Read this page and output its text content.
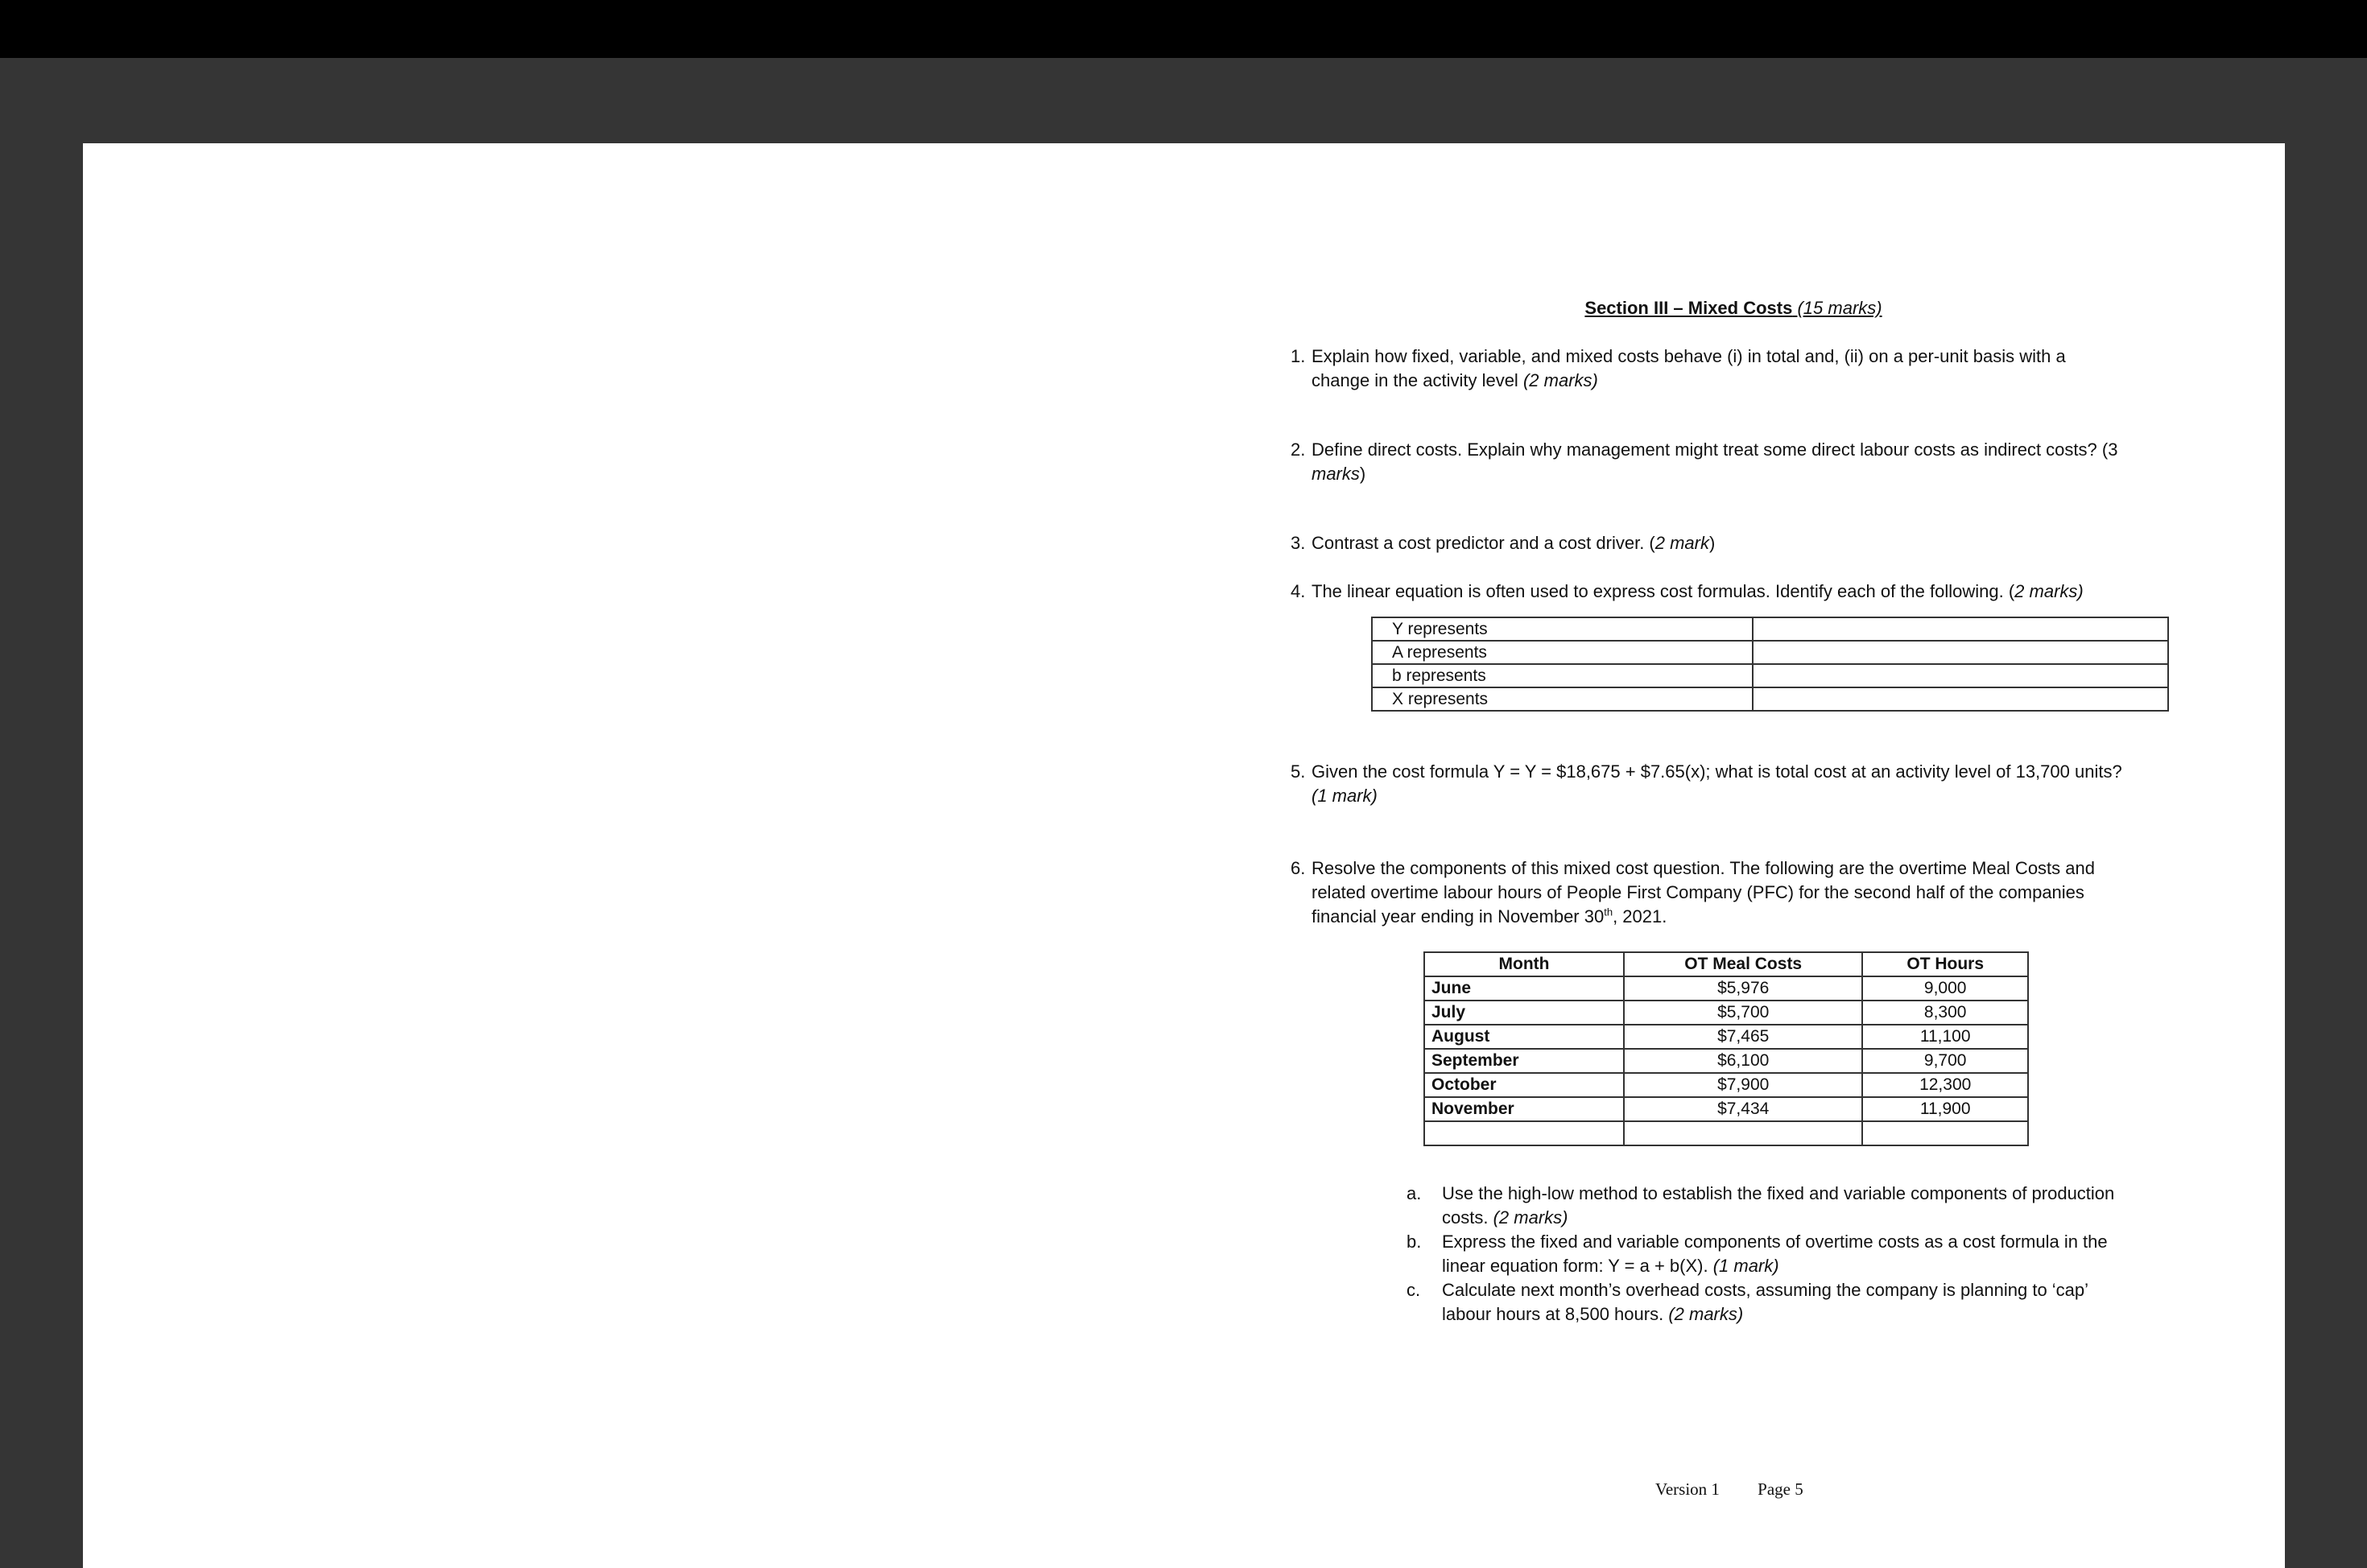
Section III – Mixed Costs (15 marks)
1. Explain how fixed, variable, and mixed costs behave (i) in total and, (ii) on a per-unit basis with a change in the activity level (2 marks)
2. Define direct costs. Explain why management might treat some direct labour costs as indirect costs? (3 marks)
3. Contrast a cost predictor and a cost driver. (2 mark)
4. The linear equation is often used to express cost formulas. Identify each of the following. (2 marks)
Y represents	
A represents	
b represents	
X represents	
5. Given the cost formula Y = Y = $18,675 + $7.65(x); what is total cost at an activity level of 13,700 units?
(1 mark)
6. Resolve the components of this mixed cost question. The following are the overtime Meal Costs and related overtime labour hours of People First Company (PFC) for the second half of the companies financial year ending in November 30th, 2021.
Month	OT Meal Costs	OT Hours
June	$5,976	9,000
July	$5,700	8,300
August	$7,465	11,100
September	$6,100	9,700
October	$7,900	12,300
November	$7,434	11,900

a.	Use the high-low method to establish the fixed and variable components of production costs. (2 marks)
b.	Express the fixed and variable components of overtime costs as a cost formula in the linear equation form: Y = a + b(X). (1 mark)
c.	Calculate next month’s overhead costs, assuming the company is planning to ‘cap’ labour hours at 8,500 hours. (2 marks)
Version 1 Page 5
